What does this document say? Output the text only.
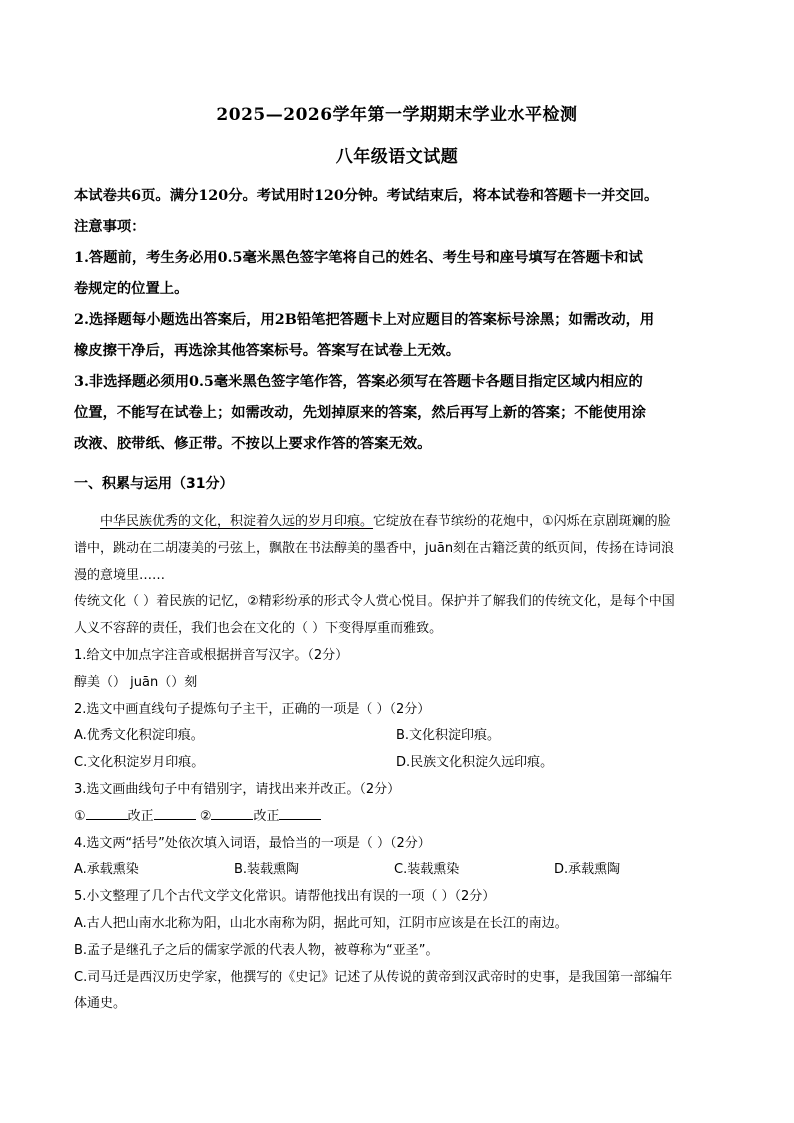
2025—2026学年第一学期期末学业水平检测
八年级语文试题

本试卷共6页。满分120分。考试用时120分钟。考试结束后，将本试卷和答题卡一并交回。

注意事项：

1.答题前，考生务必用0.5毫米黑色签字笔将自己的姓名、考生号和座号填写在答题卡和试

卷规定的位置上。

2.选择题每小题选出答案后，用2B铅笔把答题卡上对应题目的答案标号涂黑；如需改动，用

橡皮擦干净后，再选涂其他答案标号。答案写在试卷上无效。

3.非选择题必须用0.5毫米黑色签字笔作答，答案必须写在答题卡各题目指定区域内相应的

位置，不能写在试卷上；如需改动，先划掉原来的答案，然后再写上新的答案；不能使用涂

改液、胶带纸、修正带。不按以上要求作答的答案无效。

一、积累与运用（31分）

中华民族优秀的文化，积淀着久远的岁月印痕。它绽放在春节缤纷的花炮中，①闪烁在京剧斑斓的脸

谱中，跳动在二胡凄美的弓弦上，飘散在书法醇美的墨香中，juān刻在古籍泛黄的纸页间，传扬在诗词浪

漫的意境里……

传统文化（ ）着民族的记忆，②精彩纷承的形式令人赏心悦目。保护并了解我们的传统文化，是每个中国

人义不容辞的责任，我们也会在文化的（ ）下变得厚重而雅致。

1.给文中加点字注音或根据拼音写汉字。（2分）

醇美（） juān（）刻

2.选文中画直线句子提炼句子主干，正确的一项是（ ）（2分）

A.优秀文化积淀印痕。	B.文化积淀印痕。
C.文化积淀岁月印痕。	D.民族文化积淀久远印痕。

3.选文画曲线句子中有错别字，请找出来并改正。（2分）

①	改正	②	改正

4.选文两“括号”处依次填入词语，最恰当的一项是（ ）（2分）

A.承载熏染	B.装载熏陶	C.装载熏染	D.承载熏陶

5.小文整理了几个古代文学文化常识。请帮他找出有误的一项（ ）（2分）

A.古人把山南水北称为阳，山北水南称为阴，据此可知，江阴市应该是在长江的南边。

B.孟子是继孔子之后的儒家学派的代表人物，被尊称为“亚圣”。

C.司马迁是西汉历史学家，他撰写的《史记》记述了从传说的黄帝到汉武帝时的史事，是我国第一部编年

体通史。
